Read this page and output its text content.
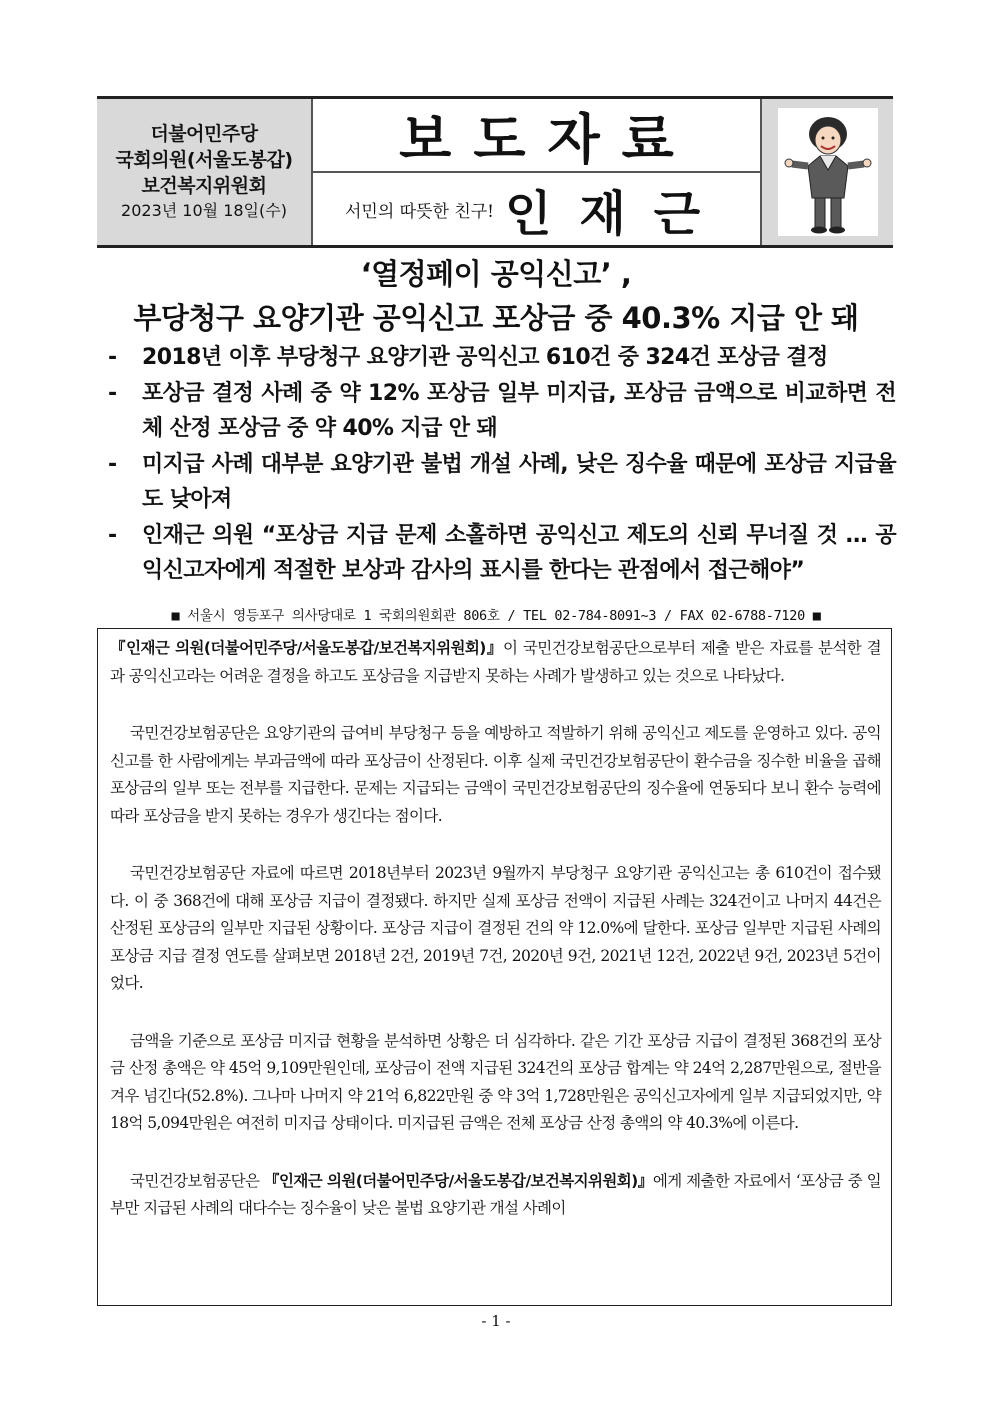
더불어민주당
국회의원(서울도봉갑)
보건복지위원회
2023년 10월 18일(수)
보도자료
서민의 따뜻한 친구! 인재근
‘열정페이 공익신고’ ,
부당청구 요양기관 공익신고 포상금 중 40.3% 지급 안 돼
- 2018년 이후 부당청구 요양기관 공익신고 610건 중 324건 포상금 결정
- 포상금 결정 사례 중 약 12% 포상금 일부 미지급, 포상금 금액으로 비교하면 전체 산정 포상금 중 약 40% 지급 안 돼
- 미지급 사례 대부분 요양기관 불법 개설 사례, 낮은 징수율 때문에 포상금 지급율도 낮아져
- 인재근 의원 “포상금 지급 문제 소홀하면 공익신고 제도의 신뢰 무너질 것 … 공익신고자에게 적절한 보상과 감사의 표시를 한다는 관점에서 접근해야”
■ 서울시 영등포구 의사당대로 1 국회의원회관 806호 / TEL 02-784-8091~3 / FAX 02-6788-7120 ■

『인재근 의원(더불어민주당/서울도봉갑/보건복지위원회)』이 국민건강보험공단으로부터 제출 받은 자료를 분석한 결과 공익신고라는 어려운 결정을 하고도 포상금을 지급받지 못하는 사례가 발생하고 있는 것으로 나타났다.

국민건강보험공단은 요양기관의 급여비 부당청구 등을 예방하고 적발하기 위해 공익신고 제도를 운영하고 있다. 공익신고를 한 사람에게는 부과금액에 따라 포상금이 산정된다. 이후 실제 국민건강보험공단이 환수금을 징수한 비율을 곱해 포상금의 일부 또는 전부를 지급한다. 문제는 지급되는 금액이 국민건강보험공단의 징수율에 연동되다 보니 환수 능력에 따라 포상금을 받지 못하는 경우가 생긴다는 점이다.

국민건강보험공단 자료에 따르면 2018년부터 2023년 9월까지 부당청구 요양기관 공익신고는 총 610건이 접수됐다. 이 중 368건에 대해 포상금 지급이 결정됐다. 하지만 실제 포상금 전액이 지급된 사례는 324건이고 나머지 44건은 산정된 포상금의 일부만 지급된 상황이다. 포상금 지급이 결정된 건의 약 12.0%에 달한다. 포상금 일부만 지급된 사례의 포상금 지급 결정 연도를 살펴보면 2018년 2건, 2019년 7건, 2020년 9건, 2021년 12건, 2022년 9건, 2023년 5건이었다.

금액을 기준으로 포상금 미지급 현황을 분석하면 상황은 더 심각하다. 같은 기간 포상금 지급이 결정된 368건의 포상금 산정 총액은 약 45억 9,109만원인데, 포상금이 전액 지급된 324건의 포상금 합계는 약 24억 2,287만원으로, 절반을 겨우 넘긴다(52.8%). 그나마 나머지 약 21억 6,822만원 중 약 3억 1,728만원은 공익신고자에게 일부 지급되었지만, 약 18억 5,094만원은 여전히 미지급 상태이다. 미지급된 금액은 전체 포상금 산정 총액의 약 40.3%에 이른다.

국민건강보험공단은 『인재근 의원(더불어민주당/서울도봉갑/보건복지위원회)』에게 제출한 자료에서 ‘포상금 중 일부만 지급된 사례의 대다수는 징수율이 낮은 불법 요양기관 개설 사례이

- 1 -
